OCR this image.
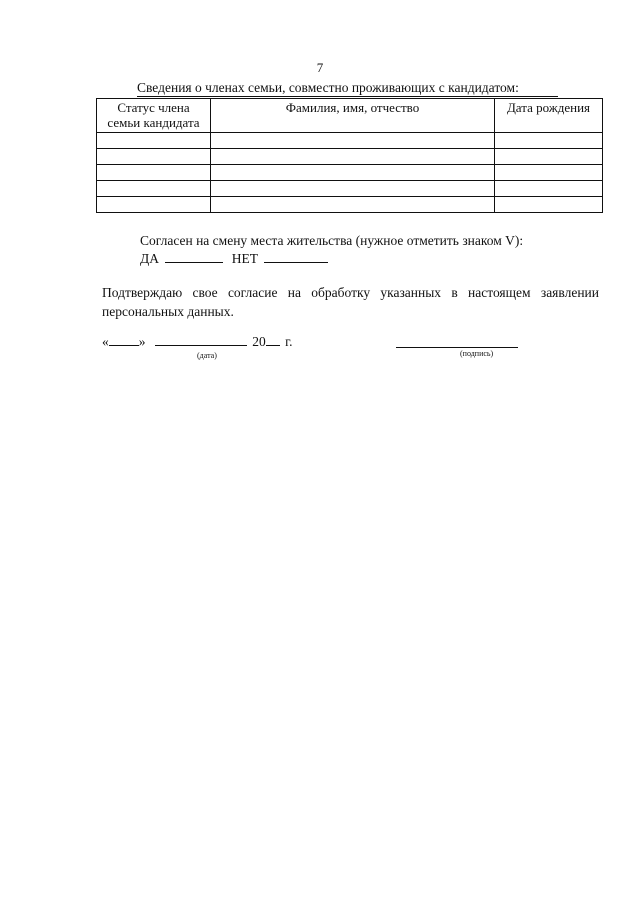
7
Сведения о членах семьи, совместно проживающих с кандидатом:
Статус члена
семьи кандидата	Фамилия, имя, отчество	Дата рождения

Согласен на смену места жительства (нужное отметить знаком V):
ДА	НЕТ
Подтверждаю свое согласие на обработку указанных в настоящем заявлении персональных данных.
« »	20 г.
(дата)	(подпись)
